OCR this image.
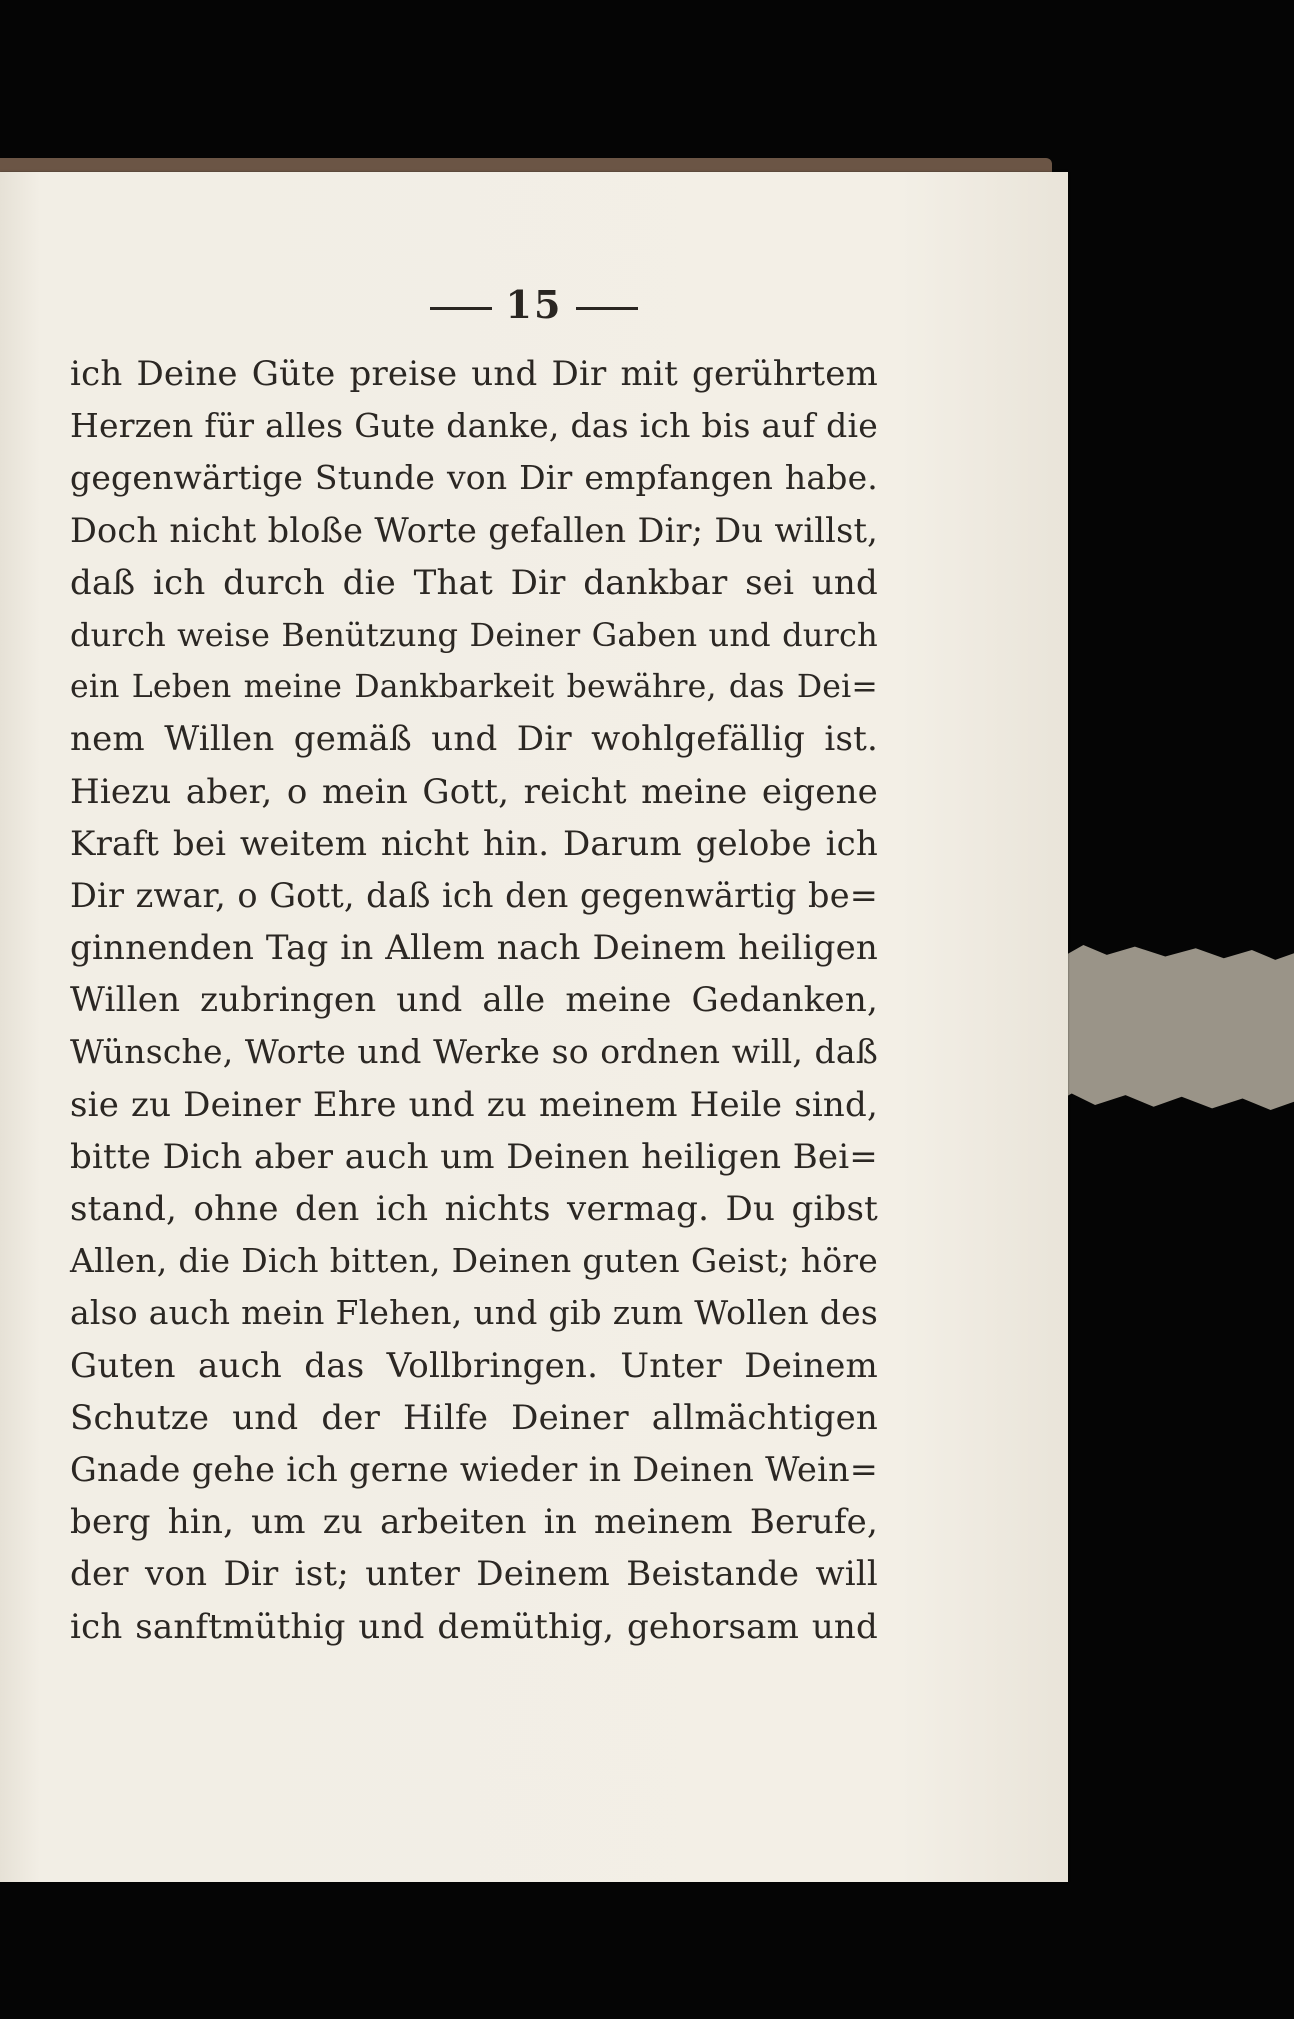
15
ich Deine Güte preise und Dir mit gerührtem
Herzen für alles Gute danke, das ich bis auf die
gegenwärtige Stunde von Dir empfangen habe.
Doch nicht bloße Worte gefallen Dir; Du willst,
daß ich durch die That Dir dankbar sei und
durch weise Benützung Deiner Gaben und durch
ein Leben meine Dankbarkeit bewähre, das Dei=
nem Willen gemäß und Dir wohlgefällig ist.
Hiezu aber, o mein Gott, reicht meine eigene
Kraft bei weitem nicht hin. Darum gelobe ich
Dir zwar, o Gott, daß ich den gegenwärtig be=
ginnenden Tag in Allem nach Deinem heiligen
Willen zubringen und alle meine Gedanken,
Wünsche, Worte und Werke so ordnen will, daß
sie zu Deiner Ehre und zu meinem Heile sind,
bitte Dich aber auch um Deinen heiligen Bei=
stand, ohne den ich nichts vermag. Du gibst
Allen, die Dich bitten, Deinen guten Geist; höre
also auch mein Flehen, und gib zum Wollen des
Guten auch das Vollbringen. Unter Deinem
Schutze und der Hilfe Deiner allmächtigen
Gnade gehe ich gerne wieder in Deinen Wein=
berg hin, um zu arbeiten in meinem Berufe,
der von Dir ist; unter Deinem Beistande will
ich sanftmüthig und demüthig, gehorsam und
